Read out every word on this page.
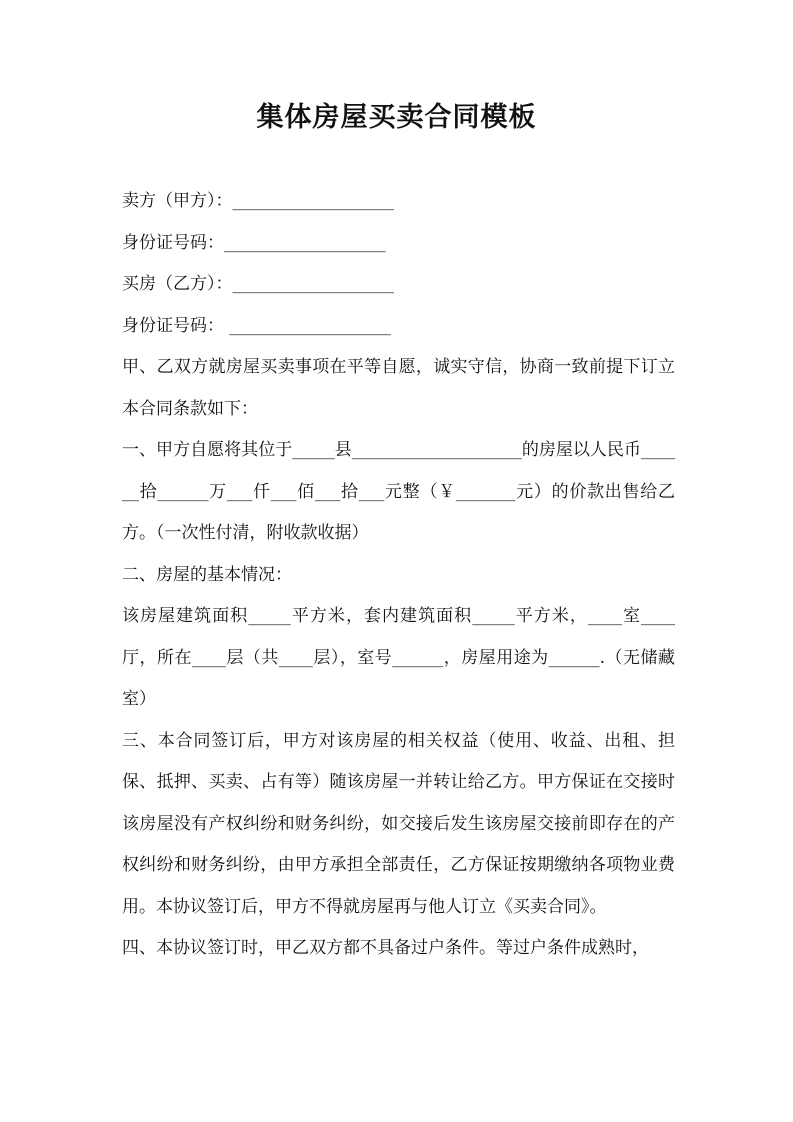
集体房屋买卖合同模板

卖方（甲方）：___________________

身份证号码：___________________

买房（乙方）：___________________

身份证号码： ___________________

甲、乙双方就房屋买卖事项在平等自愿，诚实守信，协商一致前提下订立本合同条款如下：

一、甲方自愿将其位于_____县____________________的房屋以人民币______拾______万___仟___佰___拾___元整（￥_______元）的价款出售给乙方。（一次性付清，附收款收据）

二、房屋的基本情况：

该房屋建筑面积_____平方米，套内建筑面积_____平方米，____室____厅，所在____层（共____层），室号______，房屋用途为______.（无储藏室）

三、本合同签订后，甲方对该房屋的相关权益（使用、收益、出租、担保、抵押、买卖、占有等）随该房屋一并转让给乙方。甲方保证在交接时该房屋没有产权纠纷和财务纠纷，如交接后发生该房屋交接前即存在的产权纠纷和财务纠纷，由甲方承担全部责任，乙方保证按期缴纳各项物业费用。本协议签订后，甲方不得就房屋再与他人订立《买卖合同》。

四、本协议签订时，甲乙双方都不具备过户条件。等过户条件成熟时，
